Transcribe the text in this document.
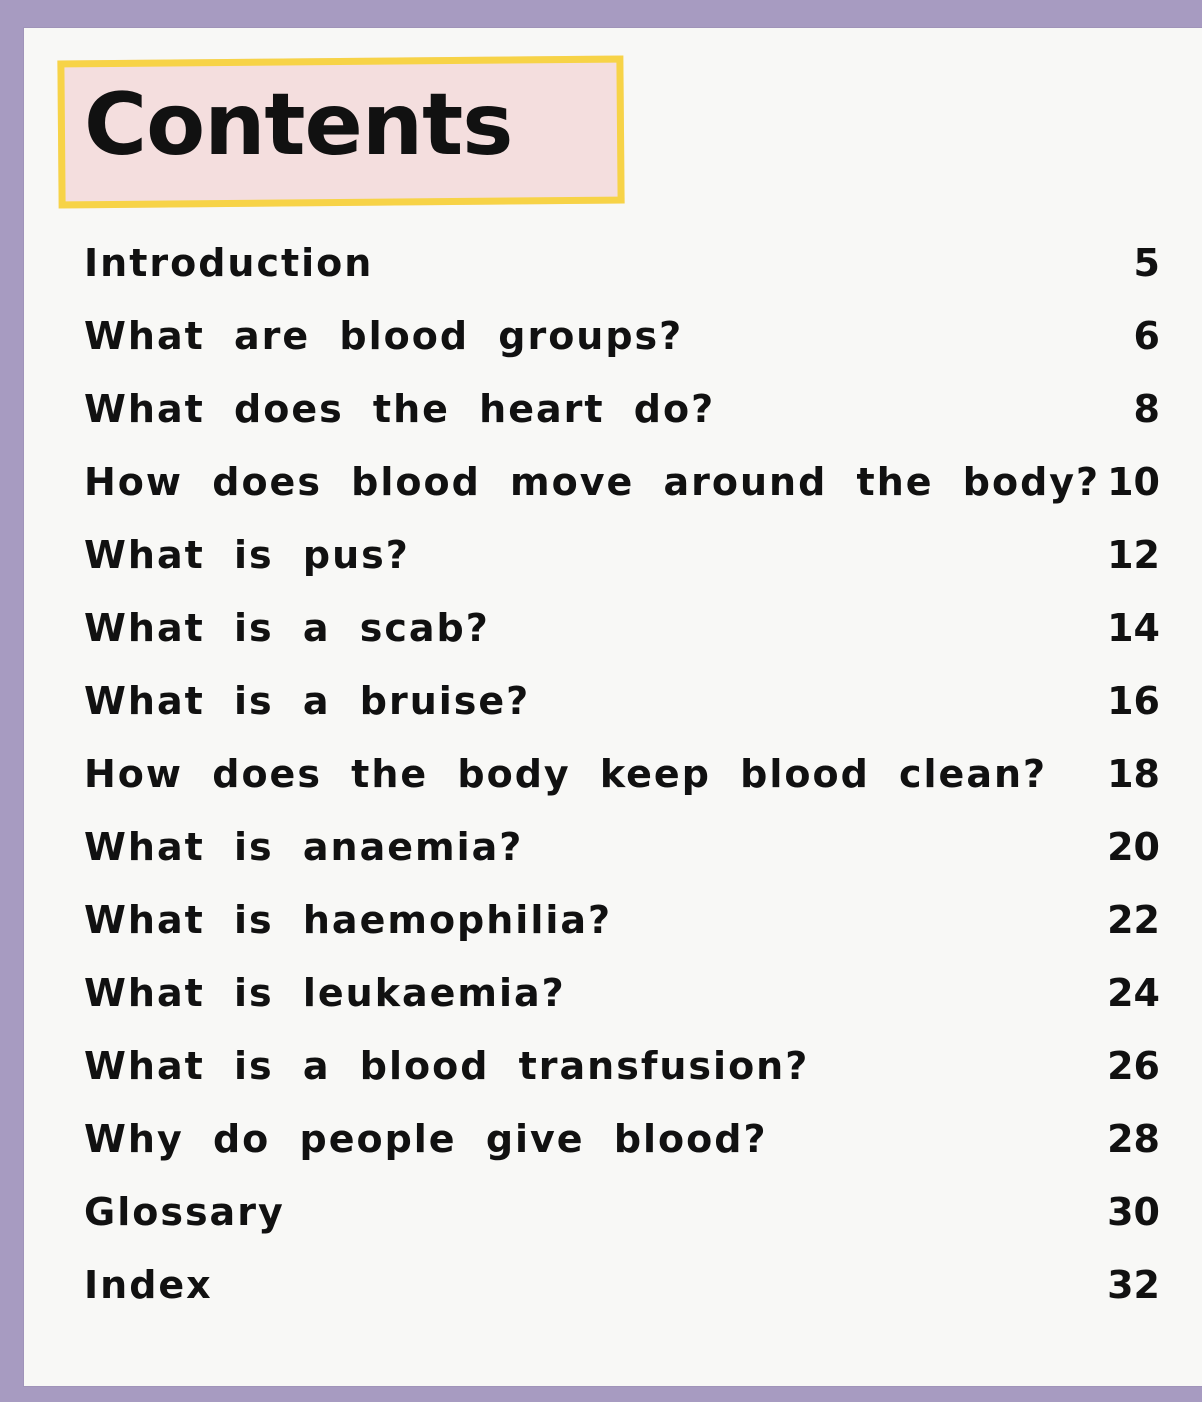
Contents
Introduction	5
What are blood groups?	6
What does the heart do?	8
How does blood move around the body? 10
What is pus?	12
What is a scab?	14
What is a bruise?	16
How does the body keep blood clean? 18
What is anaemia?	20
What is haemophilia?	22
What is leukaemia?	24
What is a blood transfusion?	26
Why do people give blood?	28
Glossary	30
Index	32
